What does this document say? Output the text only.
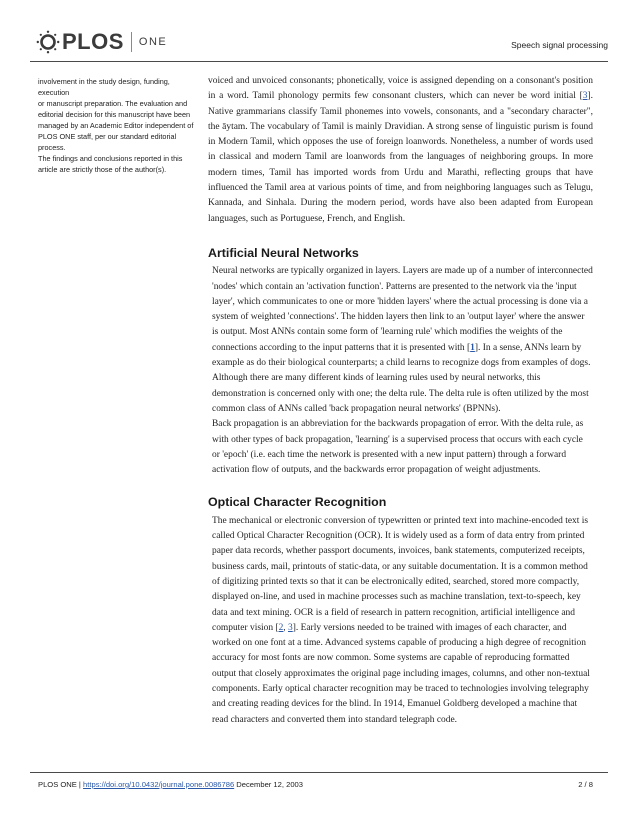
PLOS ONE	Speech signal processing

involvement in the study design, funding, execution

or manuscript preparation. The evaluation and

editorial decision for this manuscript have been

managed by an Academic Editor independent of

PLOS ONE staff, per our standard editorial process.

The findings and conclusions reported in this

article are strictly those of the author(s).

voiced and unvoiced consonants; phonetically, voice is assigned depending on a consonant's position in a word. Tamil phonology permits few consonant clusters, which can never be word initial [3]. Native grammarians classify Tamil phonemes into vowels, consonants, and a "secondary character", the āytam. The vocabulary of Tamil is mainly Dravidian. A strong sense of linguistic purism is found in Modern Tamil, which opposes the use of foreign loanwords. Nonetheless, a number of words used in classical and modern Tamil are loanwords from the languages of neighboring groups. In more modern times, Tamil has imported words from Urdu and Marathi, reflecting groups that have influenced the Tamil area at various points of time, and from neighboring languages such as Telugu, Kannada, and Sinhala. During the modern period, words have also been adapted from European languages, such as Portuguese, French, and English.

Artificial Neural Networks

Neural networks are typically organized in layers. Layers are made up of a number of interconnected 'nodes' which contain an 'activation function'. Patterns are presented to the network via the 'input layer', which communicates to one or more 'hidden layers' where the actual processing is done via a system of weighted 'connections'. The hidden layers then link to an 'output layer' where the answer is output. Most ANNs contain some form of 'learning rule' which modifies the weights of the connections according to the input patterns that it is presented with [1]. In a sense, ANNs learn by example as do their biological counterparts; a child learns to recognize dogs from examples of dogs. Although there are many different kinds of learning rules used by neural networks, this demonstration is concerned only with one; the delta rule. The delta rule is often utilized by the most common class of ANNs called 'back propagation neural networks' (BPNNs).

Back propagation is an abbreviation for the backwards propagation of error. With the delta rule, as with other types of back propagation, 'learning' is a supervised process that occurs with each cycle or 'epoch' (i.e. each time the network is presented with a new input pattern) through a forward activation flow of outputs, and the backwards error propagation of weight adjustments.

Optical Character Recognition

The mechanical or electronic conversion of typewritten or printed text into machine-encoded text is called Optical Character Recognition (OCR). It is widely used as a form of data entry from printed paper data records, whether passport documents, invoices, bank statements, computerized receipts, business cards, mail, printouts of static-data, or any suitable documentation. It is a common method of digitizing printed texts so that it can be electronically edited, searched, stored more compactly, displayed on-line, and used in machine processes such as machine translation, text-to-speech, key data and text mining. OCR is a field of research in pattern recognition, artificial intelligence and computer vision [2, 3]. Early versions needed to be trained with images of each character, and worked on one font at a time. Advanced systems capable of producing a high degree of recognition accuracy for most fonts are now common. Some systems are capable of reproducing formatted output that closely approximates the original page including images, columns, and other non-textual components. Early optical character recognition may be traced to technologies involving telegraphy and creating reading devices for the blind. In 1914, Emanuel Goldberg developed a machine that read characters and converted them into standard telegraph code.

PLOS ONE | https://doi.org/10.0432/journal.pone.0086786 December 12, 2003	2 / 8
